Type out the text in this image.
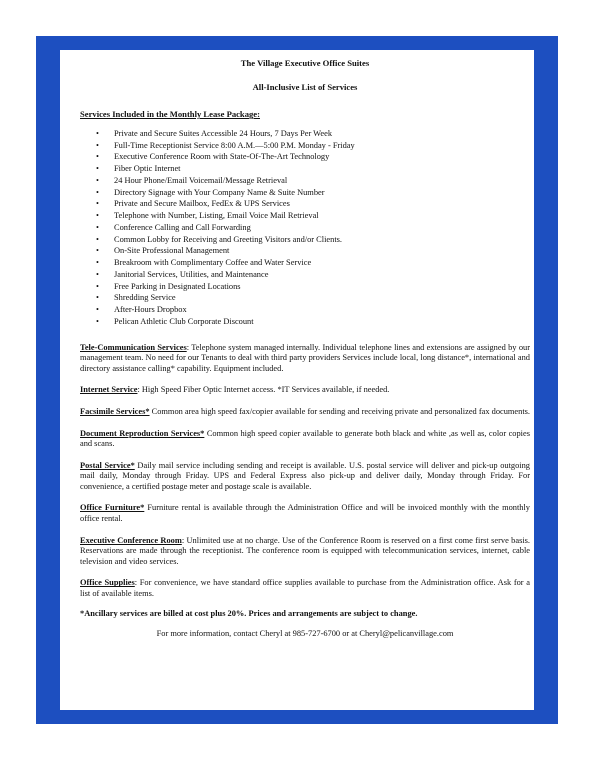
The Village Executive Office Suites

All-Inclusive List of Services

Services Included in the Monthly Lease Package:
• Private and Secure Suites Accessible 24 Hours, 7 Days Per Week
• Full-Time Receptionist Service 8:00 A.M.—5:00 P.M. Monday - Friday
• Executive Conference Room with State-Of-The-Art Technology
• Fiber Optic Internet
• 24 Hour Phone/Email Voicemail/Message Retrieval
• Directory Signage with Your Company Name & Suite Number
• Private and Secure Mailbox, FedEx & UPS Services
• Telephone with Number, Listing, Email Voice Mail Retrieval
• Conference Calling and Call Forwarding
• Common Lobby for Receiving and Greeting Visitors and/or Clients.
• On-Site Professional Management
• Breakroom with Complimentary Coffee and Water Service
• Janitorial Services, Utilities, and Maintenance
• Free Parking in Designated Locations
• Shredding Service
• After-Hours Dropbox
• Pelican Athletic Club Corporate Discount

Tele-Communication Services: Telephone system managed internally. Individual telephone lines and extensions are assigned by our management team. No need for our Tenants to deal with third party providers Services include local, long distance*, international and directory assistance calling* capability. Equipment included.

Internet Service: High Speed Fiber Optic Internet access. *IT Services available, if needed.

Facsimile Services* Common area high speed fax/copier available for sending and receiving private and personalized fax documents.

Document Reproduction Services* Common high speed copier available to generate both black and white ,as well as, color copies and scans.

Postal Service* Daily mail service including sending and receipt is available. U.S. postal service will deliver and pick-up outgoing mail daily, Monday through Friday. UPS and Federal Express also pick-up and deliver daily, Monday through Friday. For convenience, a certified postage meter and postage scale is available.

Office Furniture* Furniture rental is available through the Administration Office and will be invoiced monthly with the monthly office rental.

Executive Conference Room: Unlimited use at no charge. Use of the Conference Room is reserved on a first come first serve basis. Reservations are made through the receptionist. The conference room is equipped with telecommunication services, internet, cable television and video services.

Office Supplies: For convenience, we have standard office supplies available to purchase from the Administration office. Ask for a list of available items.

*Ancillary services are billed at cost plus 20%. Prices and arrangements are subject to change.

For more information, contact Cheryl at 985-727-6700 or at Cheryl@pelicanvillage.com
